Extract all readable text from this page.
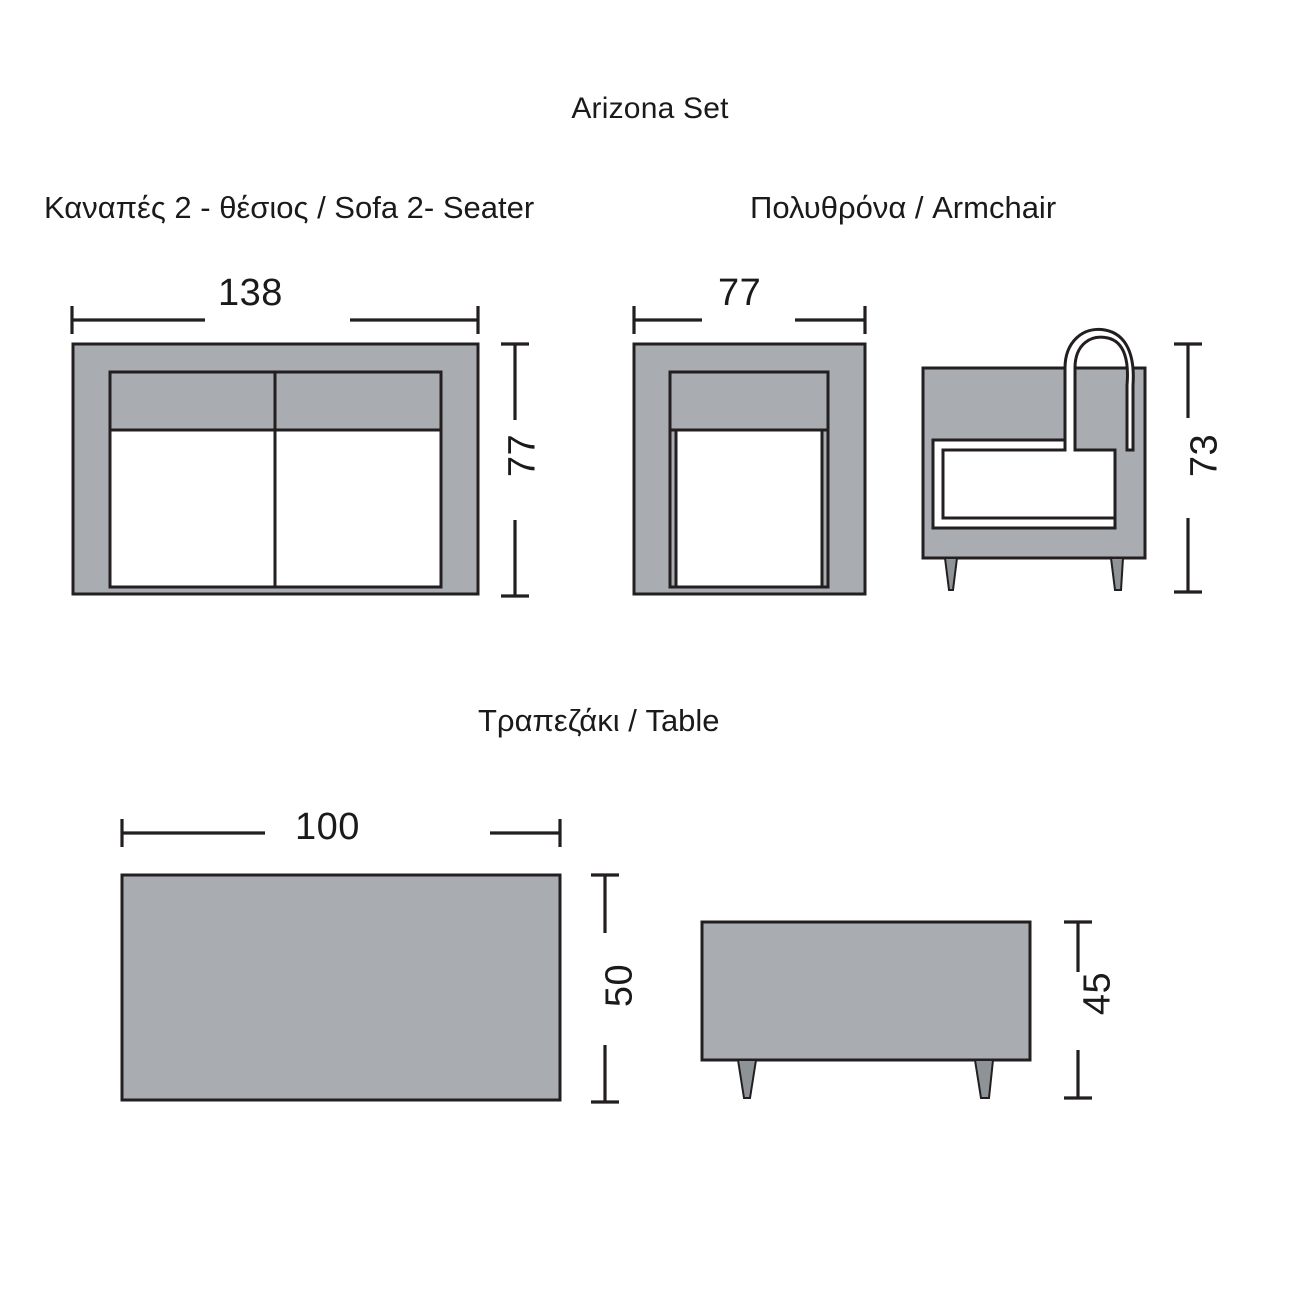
Arizona Set
Καναπές 2 - θέσιος / Sofa 2- Seater
138
77
Πολυθρόνα / Armchair
77
73
Τραπεζάκι / Table
100
50	45
